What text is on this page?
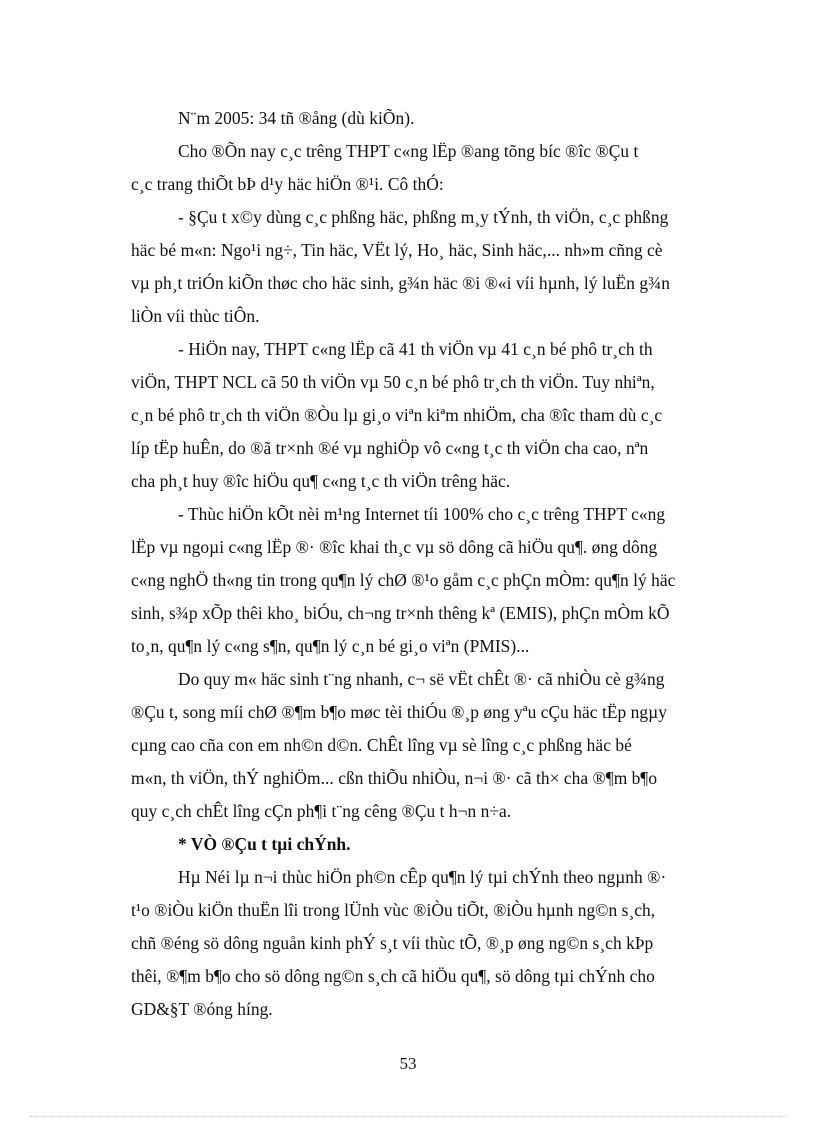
N¨m 2005: 34 tñ ®ång (dù kiÕn).
Cho ®Õn nay c¸c trêng THPT c«ng lËp ®ang tõng bíc ®îc ®Çu t
c¸c trang thiÕt bÞ d¹y häc hiÖn ®¹i. Cô thÓ:
- §Çu t x©y dùng c¸c phßng häc, phßng m¸y tÝnh, th viÖn, c¸c phßng
häc bé m«n: Ngo¹i ng÷, Tin häc, VËt lý, Ho¸ häc, Sinh häc,... nh»m cñng cè
vµ ph¸t triÓn kiÕn thøc cho häc sinh, g¾n häc ®i ®«i víi hµnh, lý luËn g¾n
liÒn víi thùc tiÔn.
- HiÖn nay, THPT c«ng lËp cã 41 th viÖn vµ 41 c¸n bé phô tr¸ch th
viÖn, THPT NCL cã 50 th viÖn vµ 50 c¸n bé phô tr¸ch th viÖn. Tuy nhiªn,
c¸n bé phô tr¸ch th viÖn ®Òu lµ gi¸o viªn kiªm nhiÖm, cha ®îc tham dù c¸c
líp tËp huÊn, do ®ã tr×nh ®é vµ nghiÖp vô c«ng t¸c th viÖn cha cao, nªn
cha ph¸t huy ®îc hiÖu qu¶ c«ng t¸c th viÖn trêng häc.
- Thùc hiÖn kÕt nèi m¹ng Internet tíi 100% cho c¸c trêng THPT c«ng
lËp vµ ngoµi c«ng lËp ®· ®îc khai th¸c vµ sö dông cã hiÖu qu¶. øng dông
c«ng nghÖ th«ng tin trong qu¶n lý chØ ®¹o gåm c¸c phÇn mÒm: qu¶n lý häc
sinh, s¾p xÕp thêi kho¸ biÓu, ch¬ng tr×nh thêng kª (EMIS), phÇn mÒm kÕ
to¸n, qu¶n lý c«ng s¶n, qu¶n lý c¸n bé gi¸o viªn (PMIS)...
Do quy m« häc sinh t¨ng nhanh, c¬ së vËt chÊt ®· cã nhiÒu cè g¾ng
®Çu t, song míi chØ ®¶m b¶o møc tèi thiÓu ®¸p øng yªu cÇu häc tËp ngµy
cµng cao cña con em nh©n d©n. ChÊt lîng vµ sè lîng c¸c phßng häc bé
m«n, th viÖn, thÝ nghiÖm... cßn thiÕu nhiÒu, n¬i ®· cã th× cha ®¶m b¶o
quy c¸ch chÊt lîng cÇn ph¶i t¨ng cêng ®Çu t h¬n n÷a.
* VÒ ®Çu t tµi chÝnh.
Hµ Néi lµ n¬i thùc hiÖn ph©n cÊp qu¶n lý tµi chÝnh theo ngµnh ®·
t¹o ®iÒu kiÖn thuËn lîi trong lÜnh vùc ®iÒu tiÕt, ®iÒu hµnh ng©n s¸ch,
chñ ®éng sö dông nguån kinh phÝ s¸t víi thùc tÕ, ®¸p øng ng©n s¸ch kÞp
thêi, ®¶m b¶o cho sö dông ng©n s¸ch cã hiÖu qu¶, sö dông tµi chÝnh cho
GD&§T ®óng híng.
53
